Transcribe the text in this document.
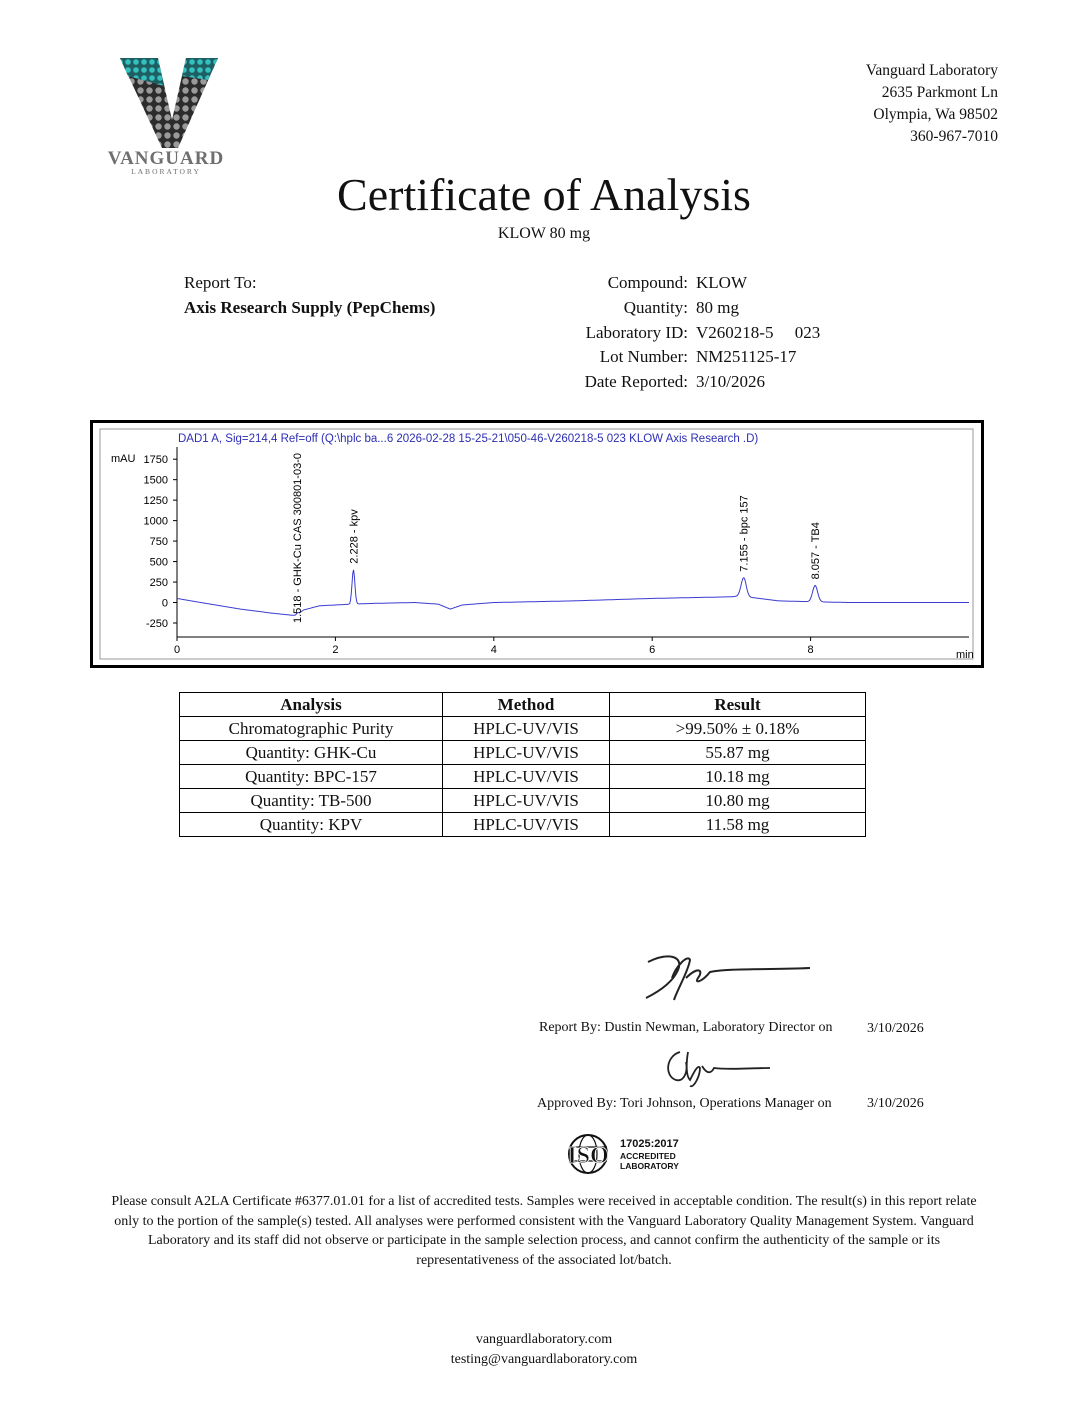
VANGUARD
LABORATORY
Vanguard Laboratory
2635 Parkmont Ln
Olympia, Wa 98502
360-967-7010
Certificate of Analysis
KLOW 80 mg
Report To:
Axis Research Supply (PepChems)
Compound: KLOW
Quantity: 80 mg
Laboratory ID: V260218-5     023
Lot Number: NM251125-17
Date Reported: 3/10/2026
DAD1 A, Sig=214,4 Ref=off (Q:\hplc ba...6 2026-02-28 15-25-21\050-46-V260218-5 023 KLOW Axis Research .D)
mAU
min
-250
0
250
500
750
1000
1250
1500
1750
0	2	4	6	8
1.518 - GHK-Cu CAS 300801-03-0	2.228 - kpv	7.155 - bpc 157	8.057 - TB4
Analysis	Method	Result
Chromatographic Purity	HPLC-UV/VIS	>99.50% ± 0.18%
Quantity: GHK-Cu	HPLC-UV/VIS	55.87 mg
Quantity: BPC-157	HPLC-UV/VIS	10.18 mg
Quantity: TB-500	HPLC-UV/VIS	10.80 mg
Quantity: KPV	HPLC-UV/VIS	11.58 mg
Report By: Dustin Newman, Laboratory Director on 3/10/2026
Approved By: Tori Johnson, Operations Manager on	3/10/2026
ISO 17025:2017
ACCREDITED
LABORATORY
Please consult A2LA Certificate #6377.01.01 for a list of accredited tests. Samples were received in acceptable condition. The result(s) in this report relate only to the portion of the sample(s) tested. All analyses were performed consistent with the Vanguard Laboratory Quality Management System. Vanguard Laboratory and its staff did not observe or participate in the sample selection process, and cannot confirm the authenticity of the sample or its representativeness of the associated lot/batch.
vanguardlaboratory.com
testing@vanguardlaboratory.com
